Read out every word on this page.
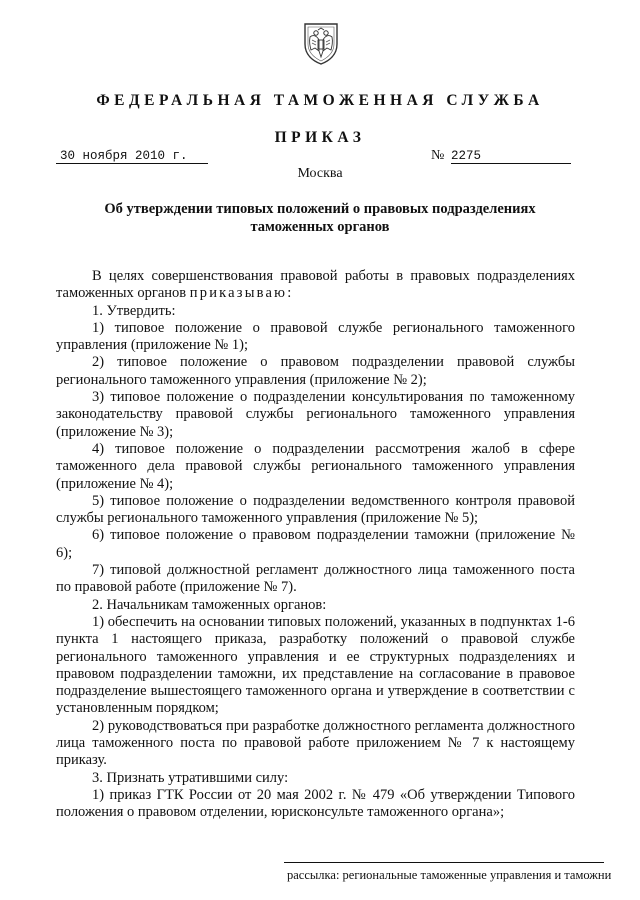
ФЕДЕРАЛЬНАЯ ТАМОЖЕННАЯ СЛУЖБА
ПРИКАЗ
30 ноября 2010 г.	№ 2275
Москва
Об утверждении типовых положений о правовых подразделениях таможенных органов

В целях совершенствования правовой работы в правовых подразделениях таможенных органов приказываю:

1. Утвердить:

1) типовое положение о правовой службе регионального таможенного управления (приложение № 1);

2) типовое положение о правовом подразделении правовой службы регионального таможенного управления (приложение № 2);

3) типовое положение о подразделении консультирования по таможенному законодательству правовой службы регионального таможенного управления (приложение № 3);

4) типовое положение о подразделении рассмотрения жалоб в сфере таможенного дела правовой службы регионального таможенного управления (приложение № 4);

5) типовое положение о подразделении ведомственного контроля правовой службы регионального таможенного управления (приложение № 5);

6) типовое положение о правовом подразделении таможни (приложение № 6);

7) типовой должностной регламент должностного лица таможенного поста по правовой работе (приложение № 7).

2. Начальникам таможенных органов:

1) обеспечить на основании типовых положений, указанных в подпунктах 1-6 пункта 1 настоящего приказа, разработку положений о правовой службе регионального таможенного управления и ее структурных подразделениях и правовом подразделении таможни, их представление на согласование в правовое подразделение вышестоящего таможенного органа и утверждение в соответствии с установленным порядком;

2) руководствоваться при разработке должностного регламента должностного лица таможенного поста по правовой работе приложением № 7 к настоящему приказу.

3. Признать утратившими силу:

1) приказ ГТК России от 20 мая 2002 г. № 479 «Об утверждении Типового положения о правовом отделении, юрисконсульте таможенного органа»;

рассылка: региональные таможенные управления и таможни
